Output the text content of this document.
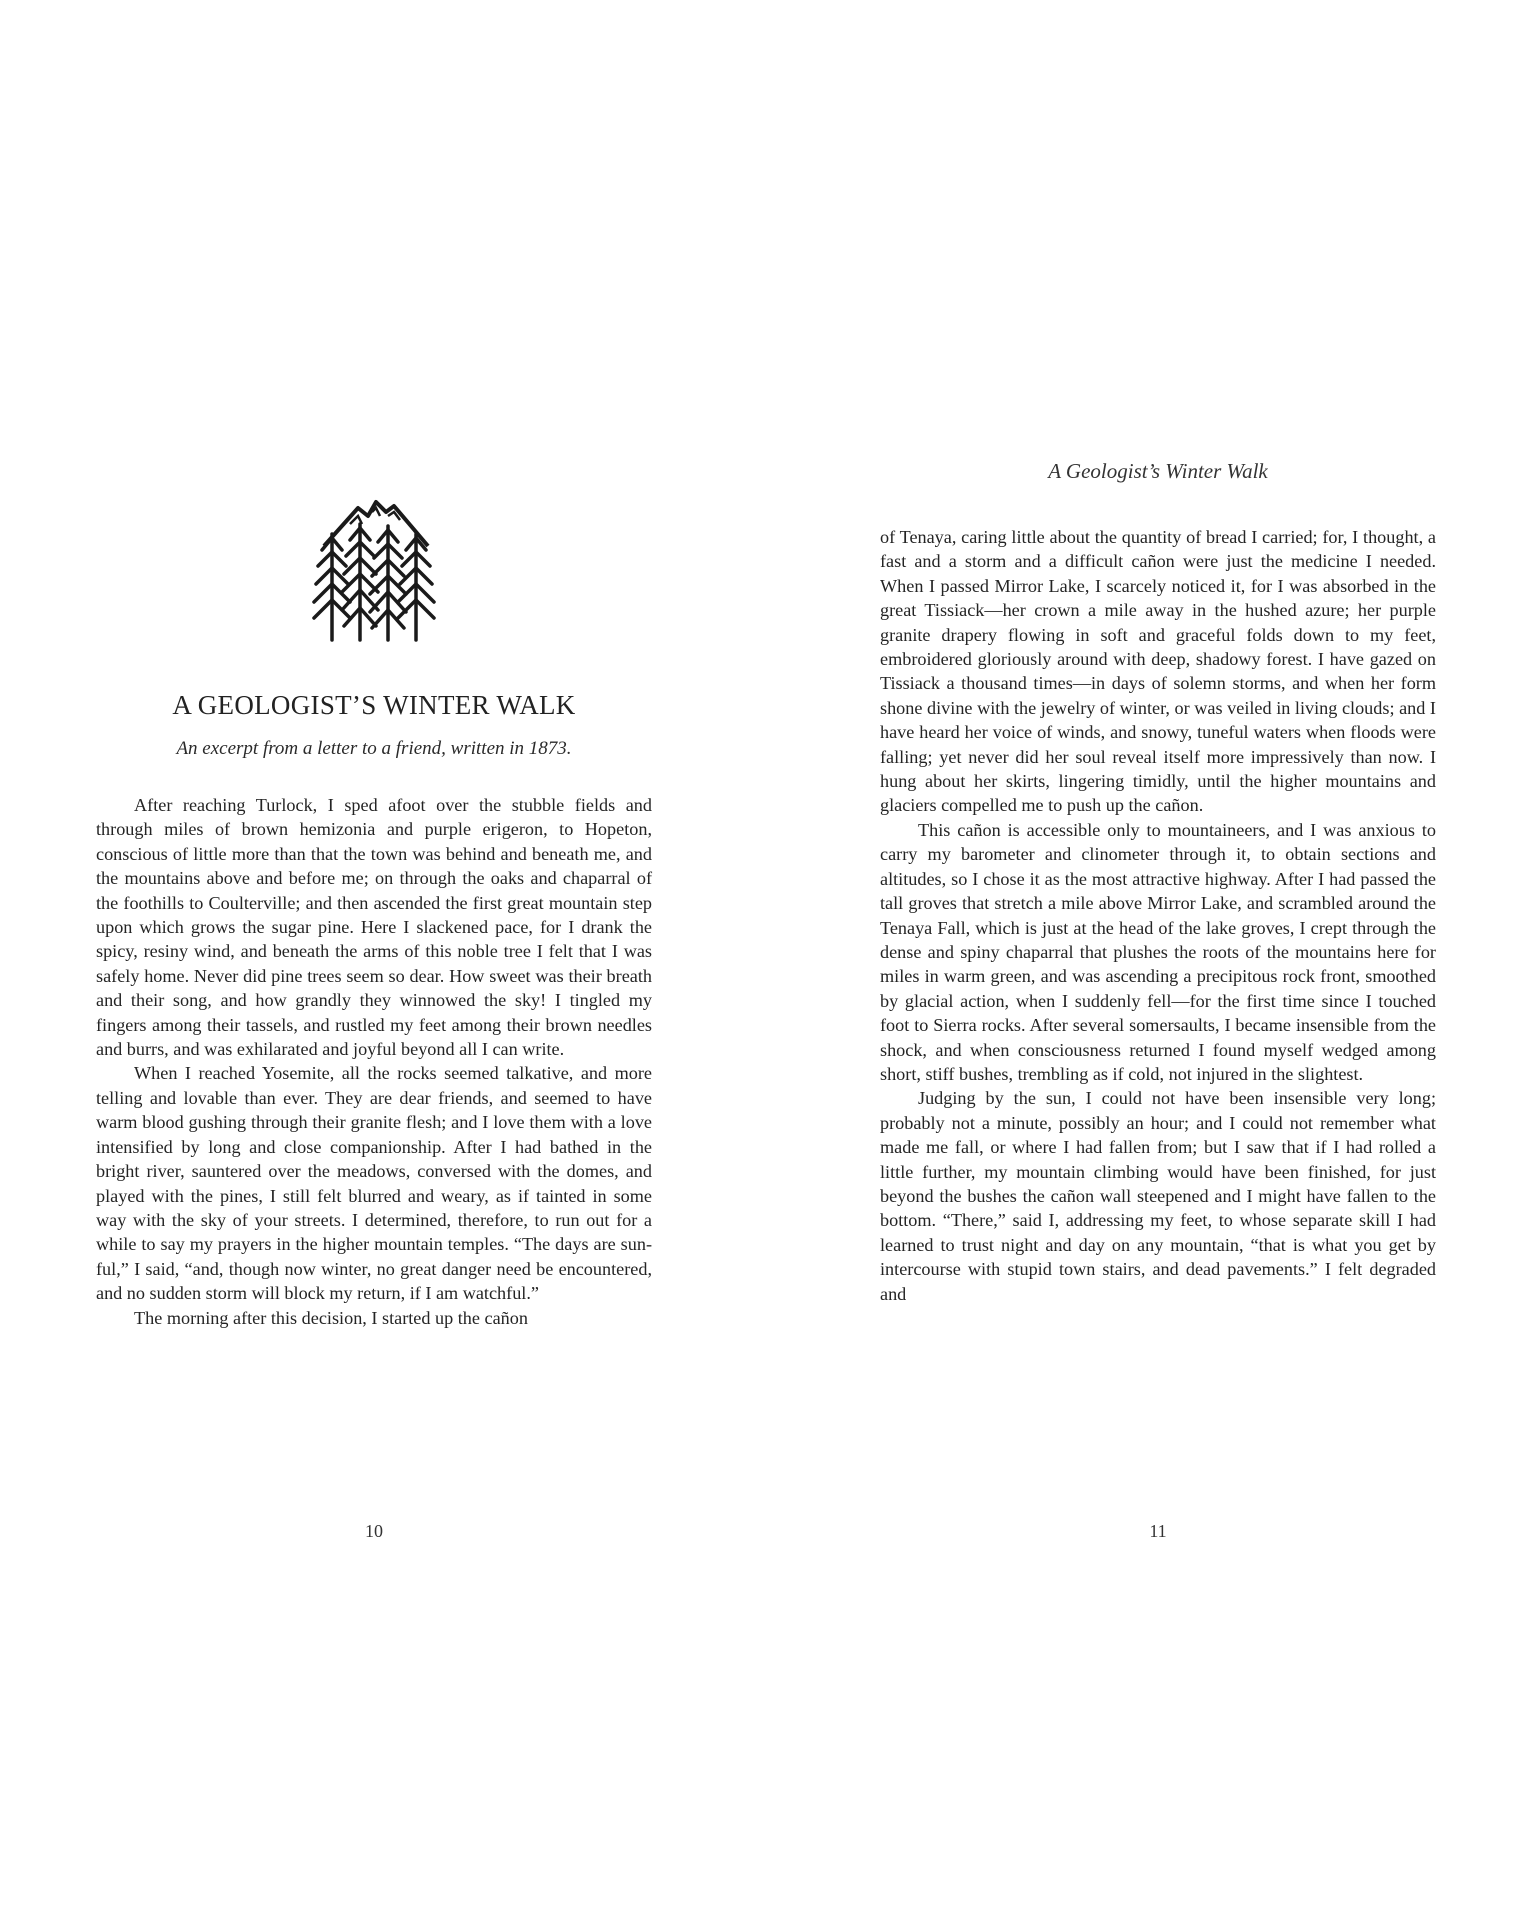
A GEOLOGIST’S WINTER WALK
An excerpt from a letter to a friend, written in 1873.

After reaching Turlock, I sped afoot over the stubble fields and through miles of brown hemizonia and purple erigeron, to Hopeton, conscious of little more than that the town was behind and beneath me, and the mountains above and before me; on through the oaks and chaparral of the foothills to Coulterville; and then ascended the first great mountain step upon which grows the sugar pine. Here I slackened pace, for I drank the spicy, resiny wind, and beneath the arms of this noble tree I felt that I was safely home. Never did pine trees seem so dear. How sweet was their breath and their song, and how grandly they winnowed the sky! I tingled my fingers among their tassels, and rustled my feet among their brown needles and burrs, and was exhilarated and joyful beyond all I can write.

When I reached Yosemite, all the rocks seemed talkative, and more telling and lovable than ever. They are dear friends, and seemed to have warm blood gushing through their granite flesh; and I love them with a love intensified by long and close companionship. After I had bathed in the bright river, sauntered over the meadows, conversed with the domes, and played with the pines, I still felt blurred and weary, as if tainted in some way with the sky of your streets. I determined, therefore, to run out for a while to say my prayers in the higher mountain temples. “The days are sunful,” I said, “and, though now winter, no great danger need be encountered, and no sudden storm will block my return, if I am watchful.”

The morning after this decision, I started up the cañon

10
A Geologist’s Winter Walk

of Tenaya, caring little about the quantity of bread I carried; for, I thought, a fast and a storm and a difficult cañon were just the medicine I needed. When I passed Mirror Lake, I scarcely noticed it, for I was absorbed in the great Tissiack—her crown a mile away in the hushed azure; her purple granite drapery flowing in soft and graceful folds down to my feet, embroidered gloriously around with deep, shadowy forest. I have gazed on Tissiack a thousand times—in days of solemn storms, and when her form shone divine with the jewelry of winter, or was veiled in living clouds; and I have heard her voice of winds, and snowy, tuneful waters when floods were falling; yet never did her soul reveal itself more impressively than now. I hung about her skirts, lingering timidly, until the higher mountains and glaciers compelled me to push up the cañon.

This cañon is accessible only to mountaineers, and I was anxious to carry my barometer and clinometer through it, to obtain sections and altitudes, so I chose it as the most attractive highway. After I had passed the tall groves that stretch a mile above Mirror Lake, and scrambled around the Tenaya Fall, which is just at the head of the lake groves, I crept through the dense and spiny chaparral that plushes the roots of the mountains here for miles in warm green, and was ascending a precipitous rock front, smoothed by glacial action, when I suddenly fell—for the first time since I touched foot to Sierra rocks. After several somersaults, I became insensible from the shock, and when consciousness returned I found myself wedged among short, stiff bushes, trembling as if cold, not injured in the slightest.

Judging by the sun, I could not have been insensible very long; probably not a minute, possibly an hour; and I could not remember what made me fall, or where I had fallen from; but I saw that if I had rolled a little further, my mountain climbing would have been finished, for just beyond the bushes the cañon wall steepened and I might have fallen to the bottom. “There,” said I, addressing my feet, to whose separate skill I had learned to trust night and day on any mountain, “that is what you get by intercourse with stupid town stairs, and dead pavements.” I felt degraded and

11
